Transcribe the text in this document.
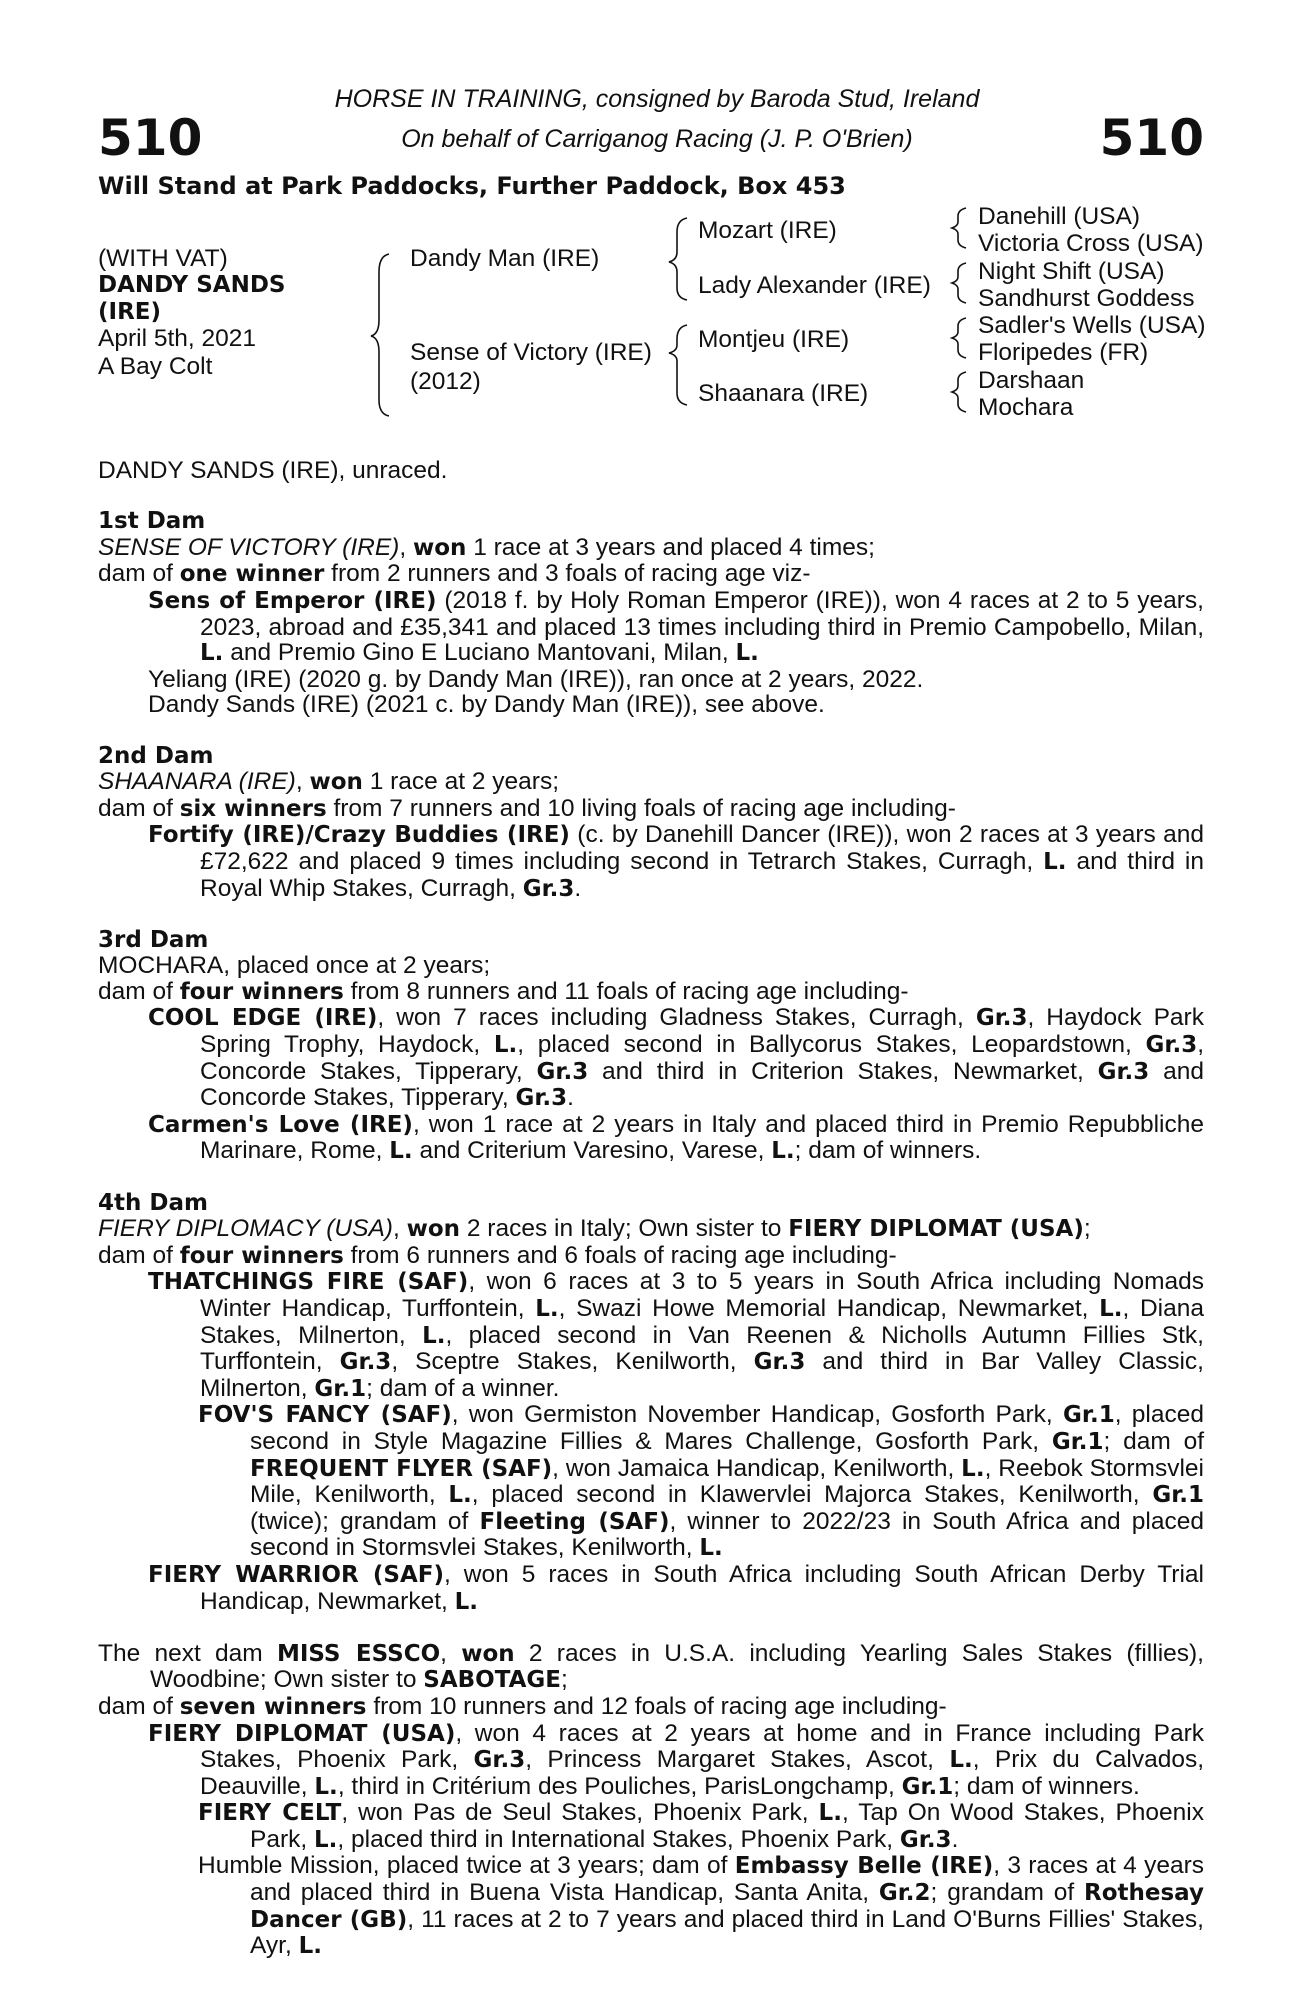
510	510
HORSE IN TRAINING, consigned by Baroda Stud, Ireland
On behalf of Carriganog Racing (J. P. O'Brien)
Will Stand at Park Paddocks, Further Paddock, Box 453
(WITH VAT)
DANDY SANDS
(IRE)
April 5th, 2021
A Bay Colt
Dandy Man (IRE)
Sense of Victory (IRE)
(2012)
Mozart (IRE)
Lady Alexander (IRE)
Montjeu (IRE)
Shaanara (IRE)
Danehill (USA)
Victoria Cross (USA)
Night Shift (USA)
Sandhurst Goddess
Sadler's Wells (USA)
Floripedes (FR)
Darshaan
Mochara

DANDY SANDS (IRE), unraced.

1st Dam

SENSE OF VICTORY (IRE), won 1 race at 3 years and placed 4 times;

dam of one winner from 2 runners and 3 foals of racing age viz-

Sens of Emperor (IRE) (2018 f. by Holy Roman Emperor (IRE)), won 4 races at 2 to 5 years, 2023, abroad and £35,341 and placed 13 times including third in Premio Campobello, Milan, L. and Premio Gino E Luciano Mantovani, Milan, L.

Yeliang (IRE) (2020 g. by Dandy Man (IRE)), ran once at 2 years, 2022.

Dandy Sands (IRE) (2021 c. by Dandy Man (IRE)), see above.

2nd Dam

SHAANARA (IRE), won 1 race at 2 years;

dam of six winners from 7 runners and 10 living foals of racing age including-

Fortify (IRE)/Crazy Buddies (IRE) (c. by Danehill Dancer (IRE)), won 2 races at 3 years and £72,622 and placed 9 times including second in Tetrarch Stakes, Curragh, L. and third in Royal Whip Stakes, Curragh, Gr.3.

3rd Dam

MOCHARA, placed once at 2 years;

dam of four winners from 8 runners and 11 foals of racing age including-

COOL EDGE (IRE), won 7 races including Gladness Stakes, Curragh, Gr.3, Haydock Park Spring Trophy, Haydock, L., placed second in Ballycorus Stakes, Leopardstown, Gr.3, Concorde Stakes, Tipperary, Gr.3 and third in Criterion Stakes, Newmarket, Gr.3 and Concorde Stakes, Tipperary, Gr.3.

Carmen's Love (IRE), won 1 race at 2 years in Italy and placed third in Premio Repubbliche Marinare, Rome, L. and Criterium Varesino, Varese, L.; dam of winners.

4th Dam

FIERY DIPLOMACY (USA), won 2 races in Italy; Own sister to FIERY DIPLOMAT (USA);

dam of four winners from 6 runners and 6 foals of racing age including-

THATCHINGS FIRE (SAF), won 6 races at 3 to 5 years in South Africa including Nomads Winter Handicap, Turffontein, L., Swazi Howe Memorial Handicap, Newmarket, L., Diana Stakes, Milnerton, L., placed second in Van Reenen & Nicholls Autumn Fillies Stk, Turffontein, Gr.3, Sceptre Stakes, Kenilworth, Gr.3 and third in Bar Valley Classic, Milnerton, Gr.1; dam of a winner.

FOV'S FANCY (SAF), won Germiston November Handicap, Gosforth Park, Gr.1, placed second in Style Magazine Fillies & Mares Challenge, Gosforth Park, Gr.1; dam of FREQUENT FLYER (SAF), won Jamaica Handicap, Kenilworth, L., Reebok Stormsvlei Mile, Kenilworth, L., placed second in Klawervlei Majorca Stakes, Kenilworth, Gr.1 (twice); grandam of Fleeting (SAF), winner to 2022/23 in South Africa and placed second in Stormsvlei Stakes, Kenilworth, L.

FIERY WARRIOR (SAF), won 5 races in South Africa including South African Derby Trial Handicap, Newmarket, L.

The next dam MISS ESSCO, won 2 races in U.S.A. including Yearling Sales Stakes (fillies), Woodbine; Own sister to SABOTAGE;

dam of seven winners from 10 runners and 12 foals of racing age including-

FIERY DIPLOMAT (USA), won 4 races at 2 years at home and in France including Park Stakes, Phoenix Park, Gr.3, Princess Margaret Stakes, Ascot, L., Prix du Calvados, Deauville, L., third in Critérium des Pouliches, ParisLongchamp, Gr.1; dam of winners.

FIERY CELT, won Pas de Seul Stakes, Phoenix Park, L., Tap On Wood Stakes, Phoenix Park, L., placed third in International Stakes, Phoenix Park, Gr.3.

Humble Mission, placed twice at 3 years; dam of Embassy Belle (IRE), 3 races at 4 years and placed third in Buena Vista Handicap, Santa Anita, Gr.2; grandam of Rothesay Dancer (GB), 11 races at 2 to 7 years and placed third in Land O'Burns Fillies' Stakes, Ayr, L.
